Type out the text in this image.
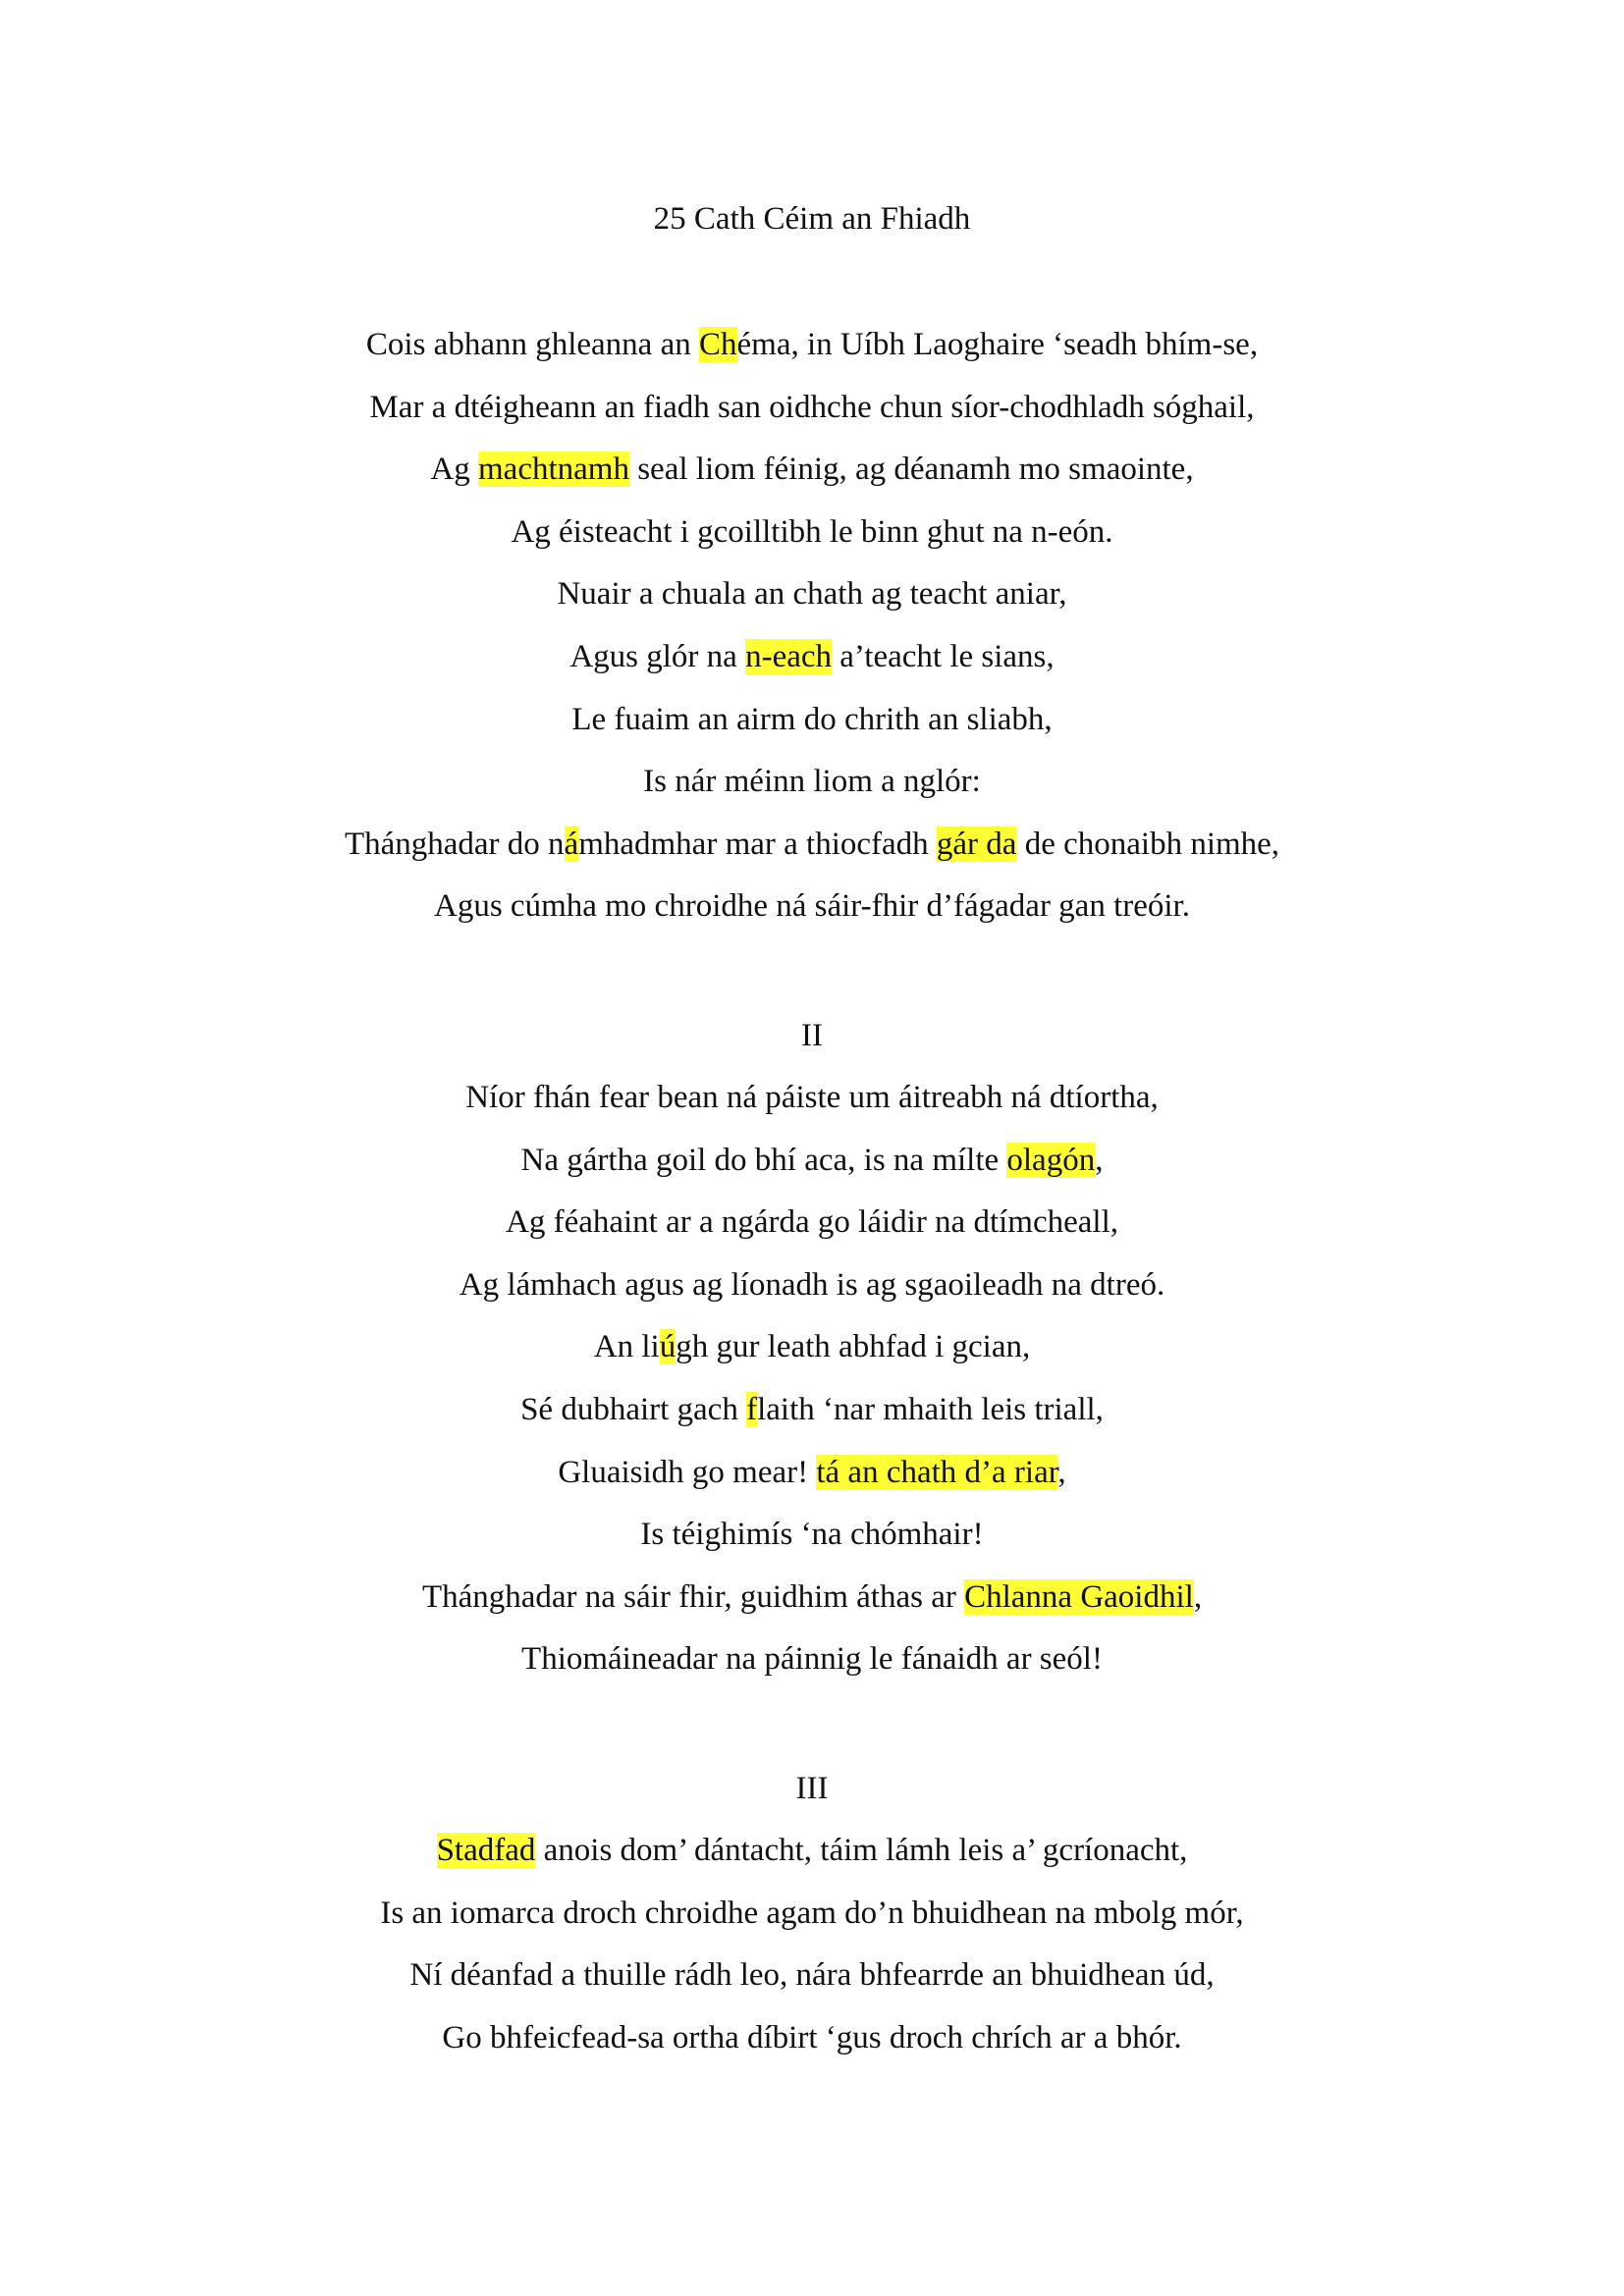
25 Cath Céim an Fhiadh
Cois abhann ghleanna an Chéma, in Uíbh Laoghaire ‘seadh bhím-se,
Mar a dtéigheann an fiadh san oidhche chun síor-chodhladh sóghail,
Ag machtnamh seal liom féinig, ag déanamh mo smaointe,
Ag éisteacht i gcoilltibh le binn ghut na n-eón.
Nuair a chuala an chath ag teacht aniar,
Agus glór na n-each a’teacht le sians,
Le fuaim an airm do chrith an sliabh,
Is nár méinn liom a nglór:
Thánghadar do námhadmhar mar a thiocfadh gár da de chonaibh nimhe,
Agus cúmha mo chroidhe ná sáir-fhir d’fágadar gan treóir.
II
Níor fhán fear bean ná páiste um áitreabh ná dtíortha,
Na gártha goil do bhí aca, is na mílte olagón,
Ag féahaint ar a ngárda go láidir na dtímcheall,
Ag lámhach agus ag líonadh is ag sgaoileadh na dtreó.
An liúgh gur leath abhfad i gcian,
Sé dubhairt gach flaith ‘nar mhaith leis triall,
Gluaisidh go mear! tá an chath d’a riar,
Is téighimís ‘na chómhair!
Thánghadar na sáir fhir, guidhim áthas ar Chlanna Gaoidhil,
Thiomáineadar na páinnig le fánaidh ar seól!
III
Stadfad anois dom’ dántacht, táim lámh leis a’ gcríonacht,
Is an iomarca droch chroidhe agam do’n bhuidhean na mbolg mór,
Ní déanfad a thuille rádh leo, nára bhfearrde an bhuidhean úd,
Go bhfeicfead-sa ortha díbirt ‘gus droch chrích ar a bhór.
